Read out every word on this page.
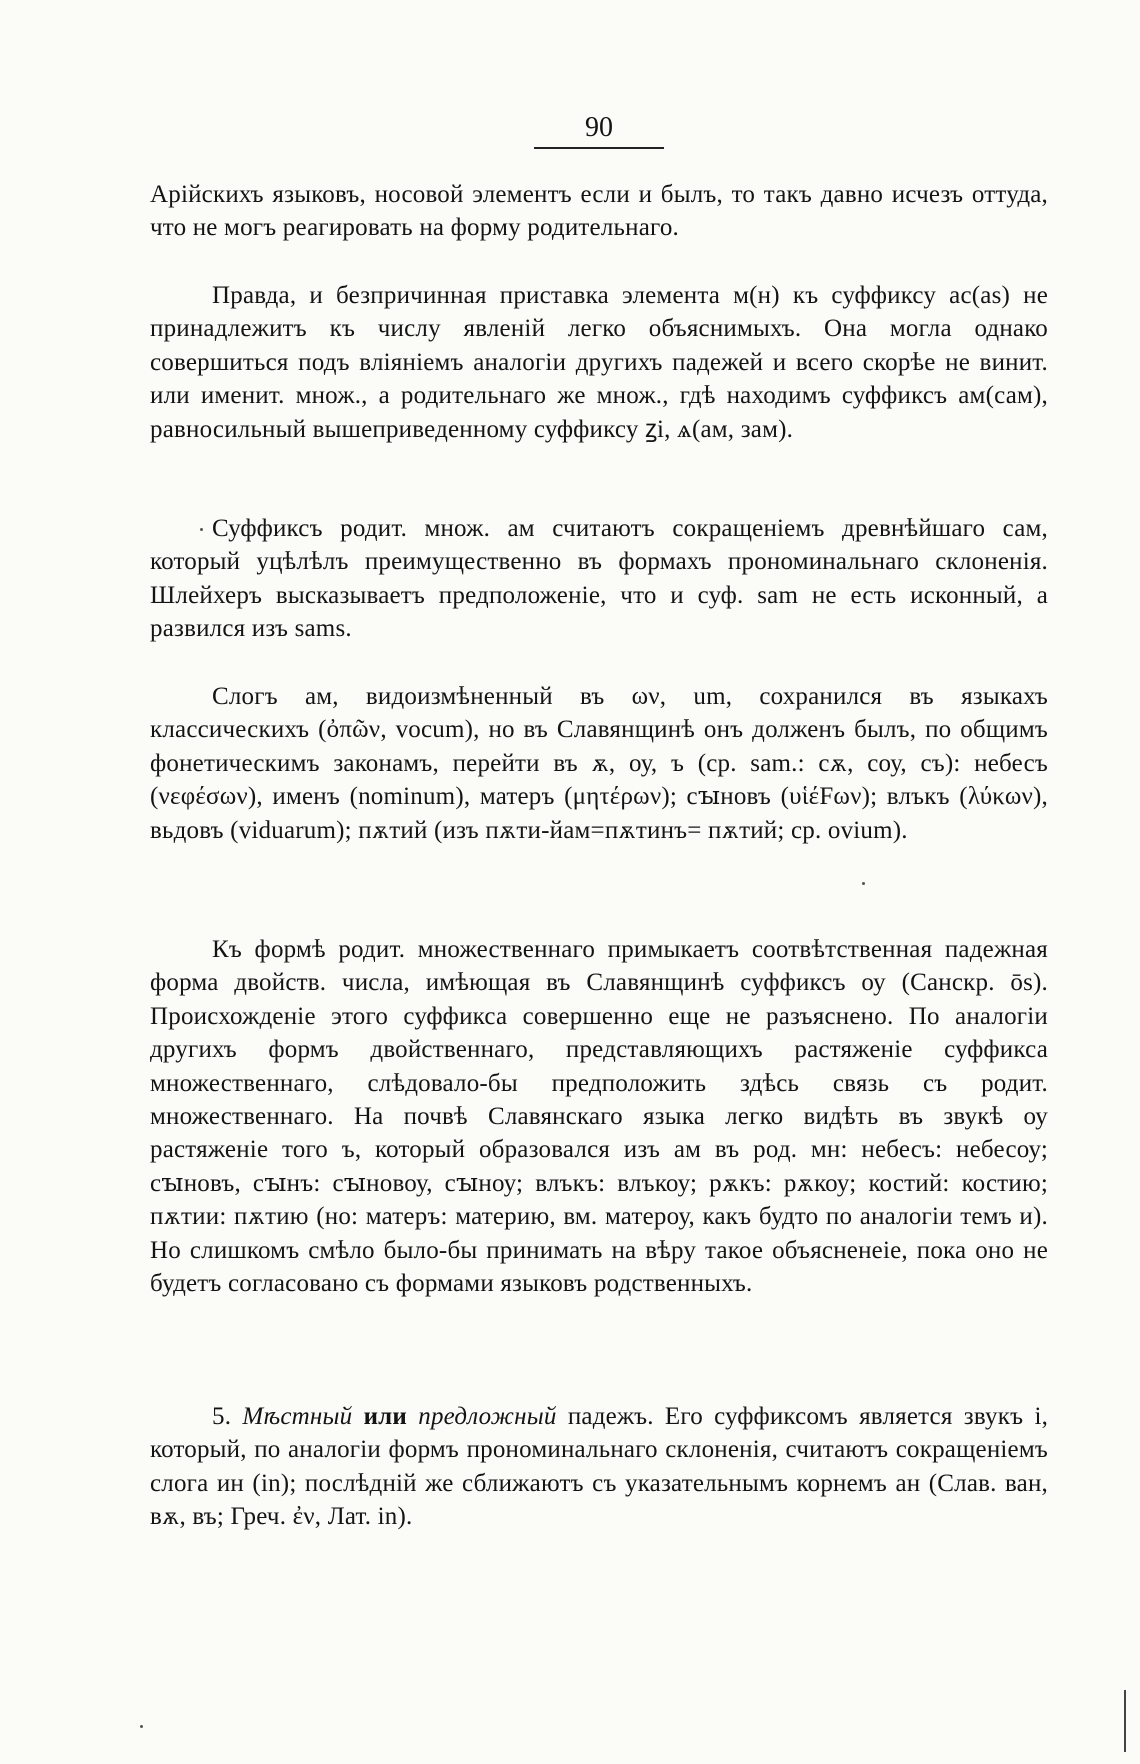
90

Арійскихъ языковъ, носовой элементъ если и былъ, то такъ давно исчезъ оттуда, что не могъ реагировать на форму родительнаго.

Правда, и безпричинная приставка элемента м(н) къ суффиксу ас(as) не принадлежитъ къ числу явленій легко объяснимыхъ. Она могла однако совершиться подъ вліяніемъ аналогіи другихъ падежей и всего скорѣе не винит. или именит. множ., а родительнаго же множ., гдѣ находимъ суффиксъ ам(сам), равносильный вышеприведенному суффиксу ꙁі, ѧ(ам, зам).

Суффиксъ родит. множ. ам считаютъ сокращеніемъ древнѣйшаго сам, который уцѣлѣлъ преимущественно въ формахъ прономинальнаго склоненія. Шлейхеръ высказываетъ предположеніе, что и суф. sam не есть исконный, а развился изъ sams.

Слогъ ам, видоизмѣненный въ ων, um, сохранился въ языкахъ классическихъ (ὀπῶν, vocum), но въ Славянщинѣ онъ долженъ былъ, по общимъ фонетическимъ законамъ, перейти въ ѫ, оу, ъ (ср. sam.: сѫ, соу, съ): небесъ (νεφέσων), именъ (nominum), матеръ (μητέρων); сꙑновъ (υἱέFων); влъкъ (λύκων), вьдовъ (viduarum); пѫтий (изъ пѫти-йам=пѫтинъ= пѫтий; ср. ovium).

Къ формѣ родит. множественнаго примыкаетъ соотвѣтственная падежная форма двойств. числа, имѣющая въ Славянщинѣ суффиксъ оу (Санскр. ōs). Происхожденіе этого суффикса совершенно еще не разъяснено. По аналогіи другихъ формъ двойственнаго, представляющихъ растяженіе суффикса множественнаго, слѣдовало-бы предположить здѣсь связь съ родит. множественнаго. На почвѣ Славянскаго языка легко видѣть въ звукѣ оу растяженіе того ъ, который образовался изъ ам въ род. мн: небесъ: небесоу; сꙑновъ, сꙑнъ: сꙑновоу, сꙑноу; влъкъ: влъкоу; рѫкъ: рѫкоу; костий: костию; пѫтии: пѫтию (но: матеръ: материю, вм. матероу, какъ будто по аналогіи темъ и). Но слишкомъ смѣло было-бы принимать на вѣру такое объясненеіе, пока оно не будетъ согласовано съ формами языковъ родственныхъ.

5. Мѣстный или предложный падежъ. Его суффиксомъ является звукъ і, который, по аналогіи формъ прономинальнаго склоненія, считаютъ сокращеніемъ слога ин (in); послѣдній же сближаютъ съ указательнымъ корнемъ ан (Слав. ван, вѫ, въ; Греч. ἐν, Лат. in).
